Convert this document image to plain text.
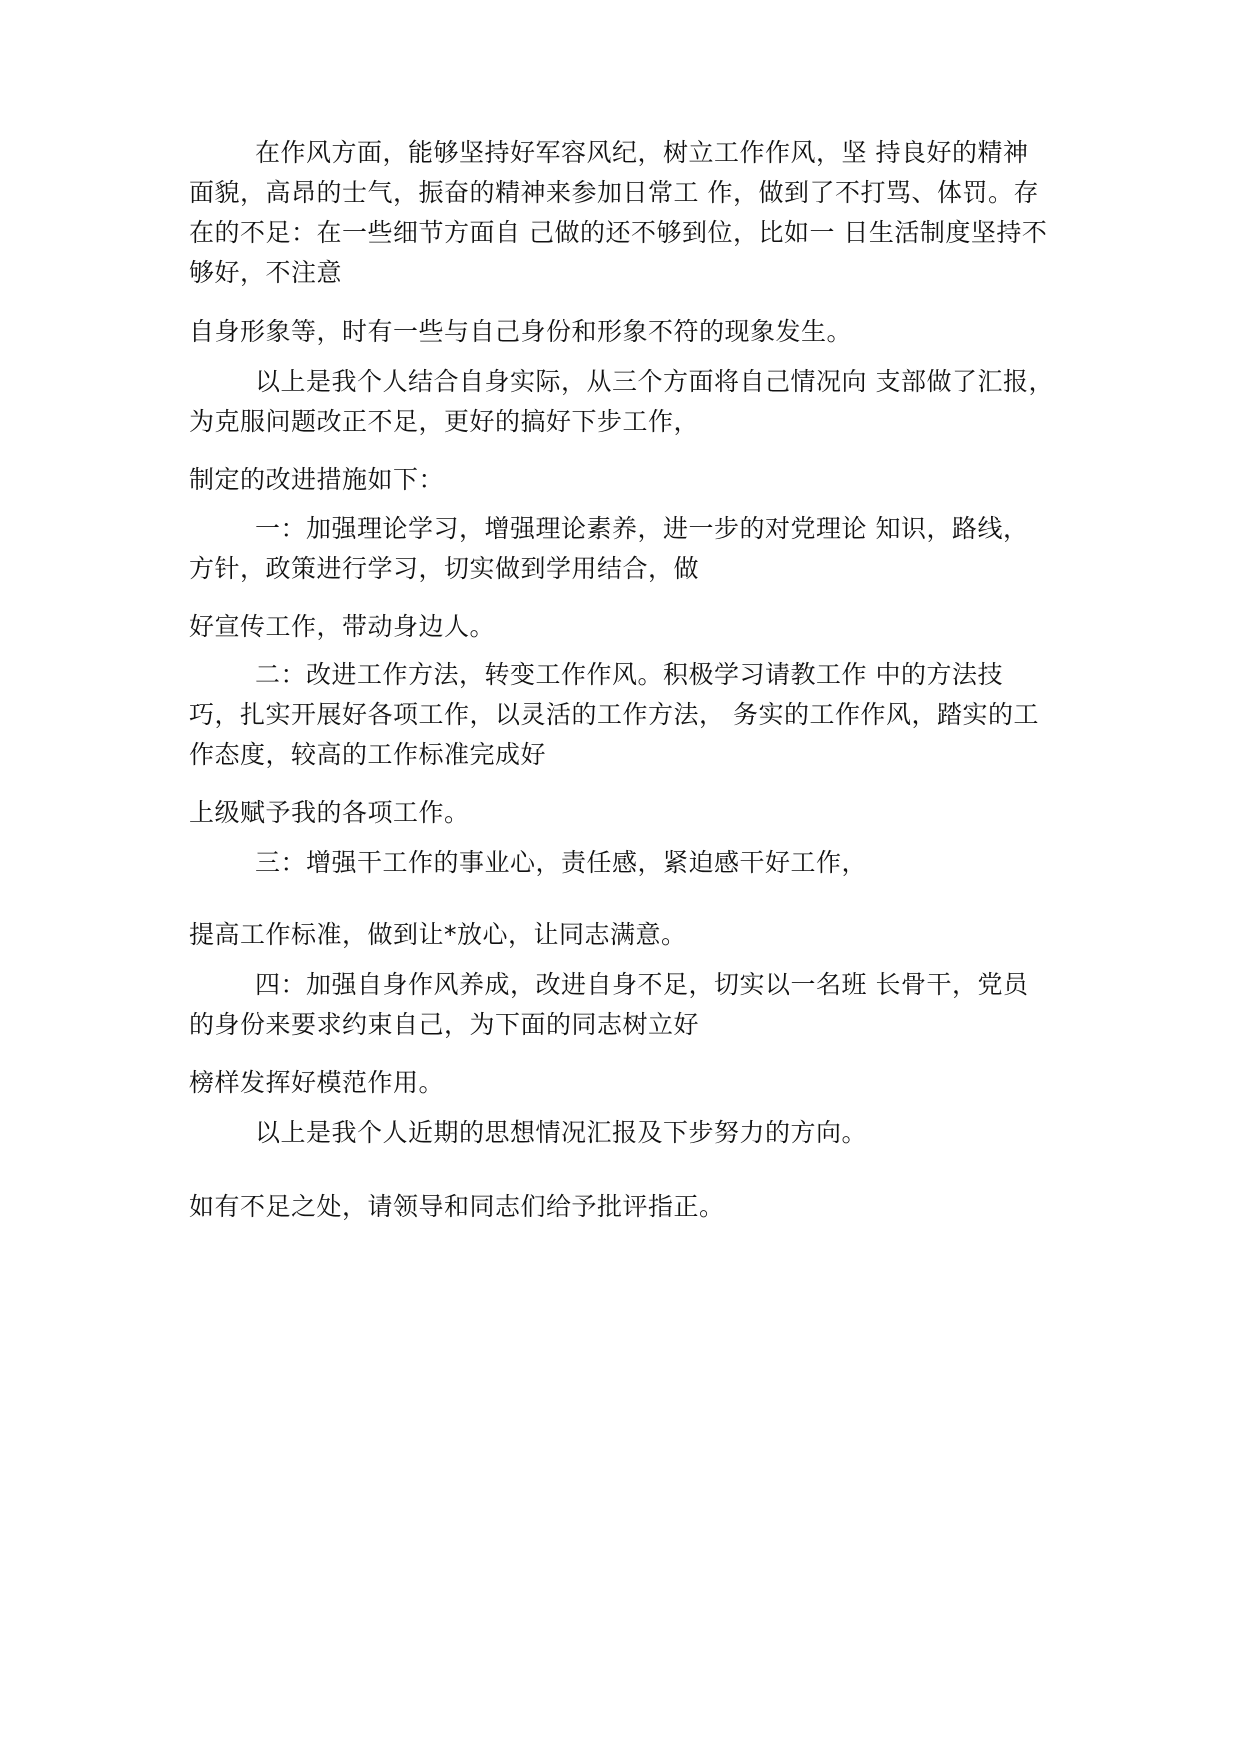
在作风方面，能够坚持好军容风纪，树立工作作风，坚 持良好的精神
面貌，高昂的士气，振奋的精神来参加日常工 作，做到了不打骂、体罚。存
在的不足：在一些细节方面自 己做的还不够到位，比如一 日生活制度坚持不
够好，不注意
自身形象等，时有一些与自己身份和形象不符的现象发生。
以上是我个人结合自身实际，从三个方面将自己情况向 支部做了汇报，
为克服问题改正不足，更好的搞好下步工作，
制定的改进措施如下：
一：加强理论学习，增强理论素养，进一步的对党理论 知识，路线，
方针，政策进行学习，切实做到学用结合，做
好宣传工作，带动身边人。
二：改进工作方法，转变工作作风。积极学习请教工作 中的方法技
巧，扎实开展好各项工作，以灵活的工作方法， 务实的工作作风，踏实的工
作态度，较高的工作标准完成好
上级赋予我的各项工作。
三：增强干工作的事业心，责任感，紧迫感干好工作，
提高工作标准，做到让*放心，让同志满意。
四：加强自身作风养成，改进自身不足，切实以一名班 长骨干，党员
的身份来要求约束自己，为下面的同志树立好
榜样发挥好模范作用。
以上是我个人近期的思想情况汇报及下步努力的方向。
如有不足之处，请领导和同志们给予批评指正。
